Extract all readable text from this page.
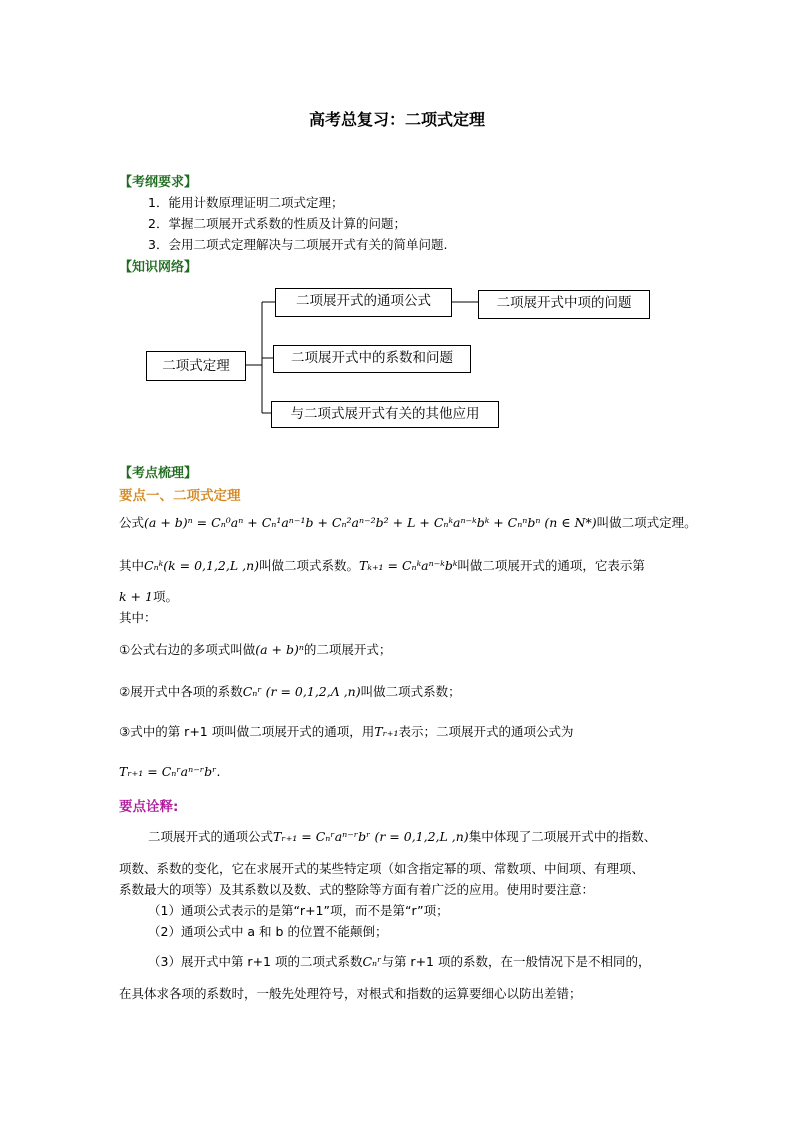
高考总复习：二项式定理
【考纲要求】
1．能用计数原理证明二项式定理；
2．掌握二项展开式系数的性质及计算的问题；
3．会用二项式定理解决与二项展开式有关的简单问题.
【知识网络】
二项式定理
二项展开式的通项公式	二项展开式中项的问题
二项展开式中的系数和问题
与二项式展开式有关的其他应用
【考点梳理】
要点一、二项式定理
公式(a + b)ⁿ = Cₙ⁰aⁿ + Cₙ¹aⁿ⁻¹b + Cₙ²aⁿ⁻²b² + L + Cₙᵏaⁿ⁻ᵏbᵏ + Cₙⁿbⁿ (n ∈ N*)叫做二项式定理。
其中Cₙᵏ(k = 0,1,2,L ,n)叫做二项式系数。Tₖ₊₁ = Cₙᵏaⁿ⁻ᵏbᵏ叫做二项展开式的通项，它表示第
k + 1项。
其中：
①公式右边的多项式叫做(a + b)ⁿ的二项展开式；
②展开式中各项的系数Cₙʳ (r = 0,1,2,Λ ,n)叫做二项式系数；
③式中的第 r+1 项叫做二项展开式的通项，用Tᵣ₊₁表示；二项展开式的通项公式为
Tᵣ₊₁ = Cₙʳaⁿ⁻ʳbʳ.
要点诠释:
二项展开式的通项公式Tᵣ₊₁ = Cₙʳaⁿ⁻ʳbʳ (r = 0,1,2,L ,n)集中体现了二项展开式中的指数、
项数、系数的变化，它在求展开式的某些特定项（如含指定幂的项、常数项、中间项、有理项、
系数最大的项等）及其系数以及数、式的整除等方面有着广泛的应用。使用时要注意：
（1）通项公式表示的是第“r+1”项，而不是第“r”项；
（2）通项公式中 a 和 b 的位置不能颠倒；
（3）展开式中第 r+1 项的二项式系数Cₙʳ与第 r+1 项的系数，在一般情况下是不相同的，
在具体求各项的系数时，一般先处理符号，对根式和指数的运算要细心以防出差错；
